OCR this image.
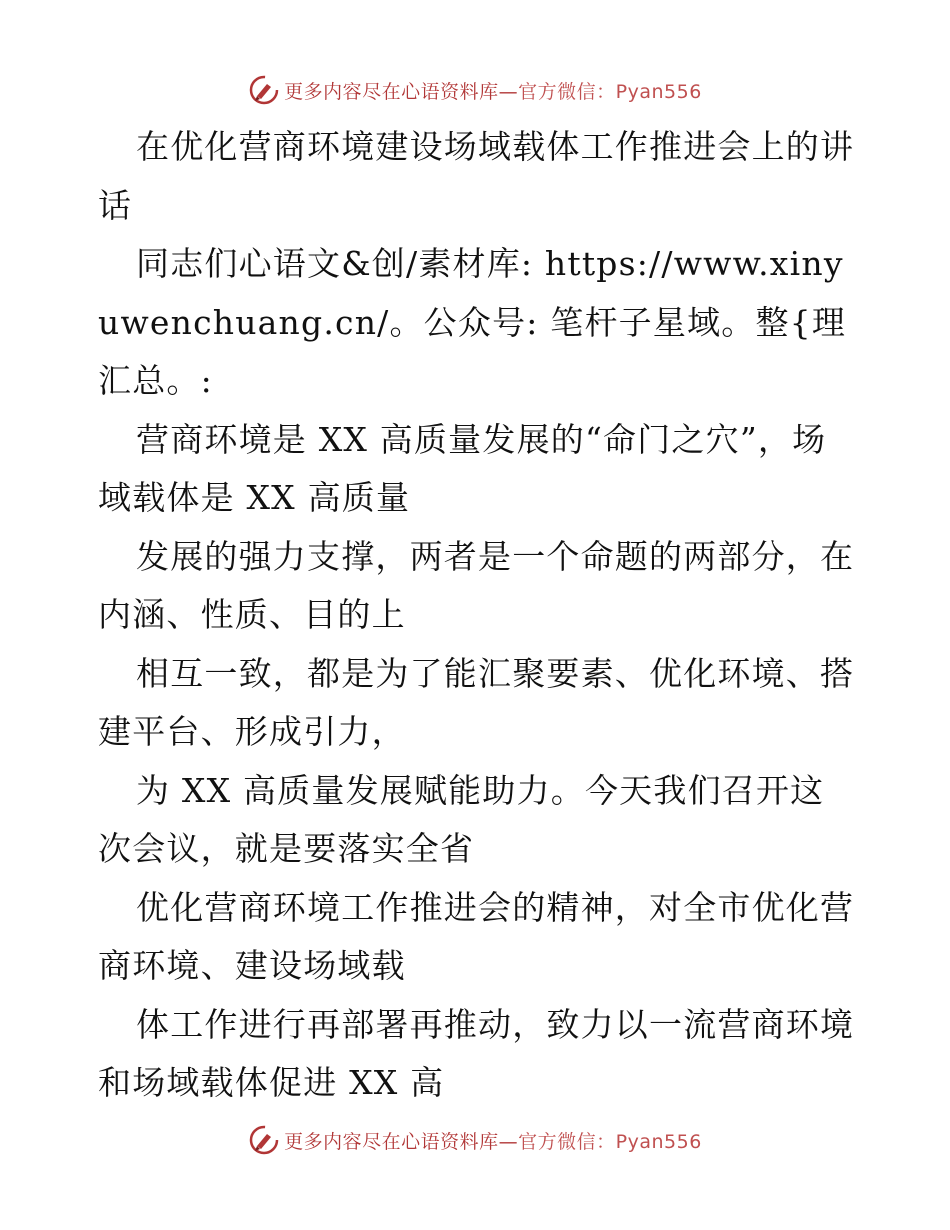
更多内容尽在心语资料库—官方微信：Pyan556

在优化营商环境建设场域载体工作推进会上的讲话

同志们心语文&创/素材库: https://www.xinyuwenchuang.cn/。公众号: 笔杆子星域。整{理汇总。:

营商环境是 XX 高质量发展的“命门之穴”，场域载体是 XX 高质量

发展的强力支撑，两者是一个命题的两部分，在内涵、性质、目的上

相互一致，都是为了能汇聚要素、优化环境、搭建平台、形成引力，

为 XX 高质量发展赋能助力。今天我们召开这次会议，就是要落实全省

优化营商环境工作推进会的精神，对全市优化营商环境、建设场域载

体工作进行再部署再推动，致力以一流营商环境和场域载体促进 XX 高

更多内容尽在心语资料库—官方微信：Pyan556
